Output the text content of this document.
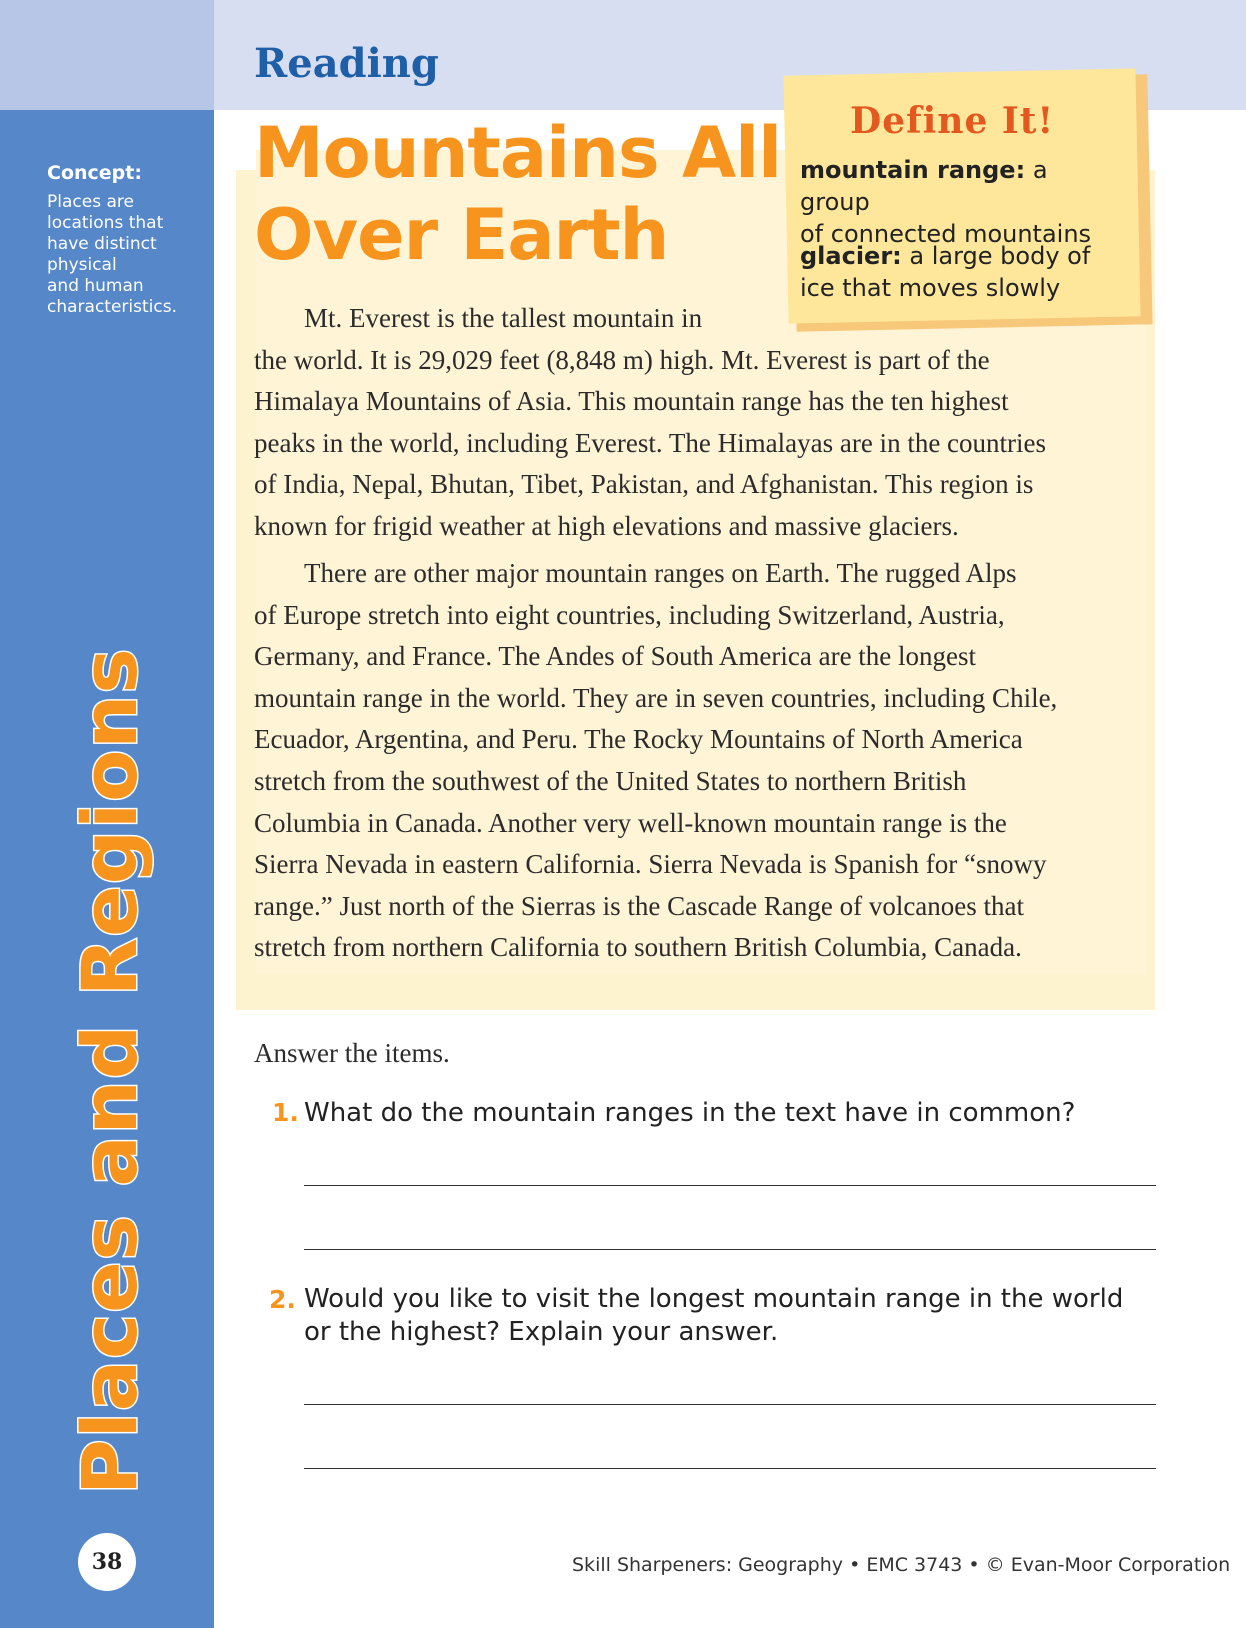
Concept:
Places are
locations that
have distinct
physical
and human
characteristics.
Places and Regions
38
Reading
Mountains All
Over Earth
Define It!
mountain range: a group
of connected mountains
glacier: a large body of
ice that moves slowly
Mt. Everest is the tallest mountain in
the world. It is 29,029 feet (8,848 m) high. Mt. Everest is part of the
Himalaya Mountains of Asia. This mountain range has the ten highest
peaks in the world, including Everest. The Himalayas are in the countries
of India, Nepal, Bhutan, Tibet, Pakistan, and Afghanistan. This region is
known for frigid weather at high elevations and massive glaciers.
There are other major mountain ranges on Earth. The rugged Alps
of Europe stretch into eight countries, including Switzerland, Austria,
Germany, and France. The Andes of South America are the longest
mountain range in the world. They are in seven countries, including Chile,
Ecuador, Argentina, and Peru. The Rocky Mountains of North America
stretch from the southwest of the United States to northern British
Columbia in Canada. Another very well-known mountain range is the
Sierra Nevada in eastern California. Sierra Nevada is Spanish for “snowy
range.” Just north of the Sierras is the Cascade Range of volcanoes that
stretch from northern California to southern British Columbia, Canada.
Answer the items.
1. What do the mountain ranges in the text have in common?
2. Would you like to visit the longest mountain range in the world
or the highest? Explain your answer.
Skill Sharpeners: Geography • EMC 3743 • © Evan-Moor Corporation
